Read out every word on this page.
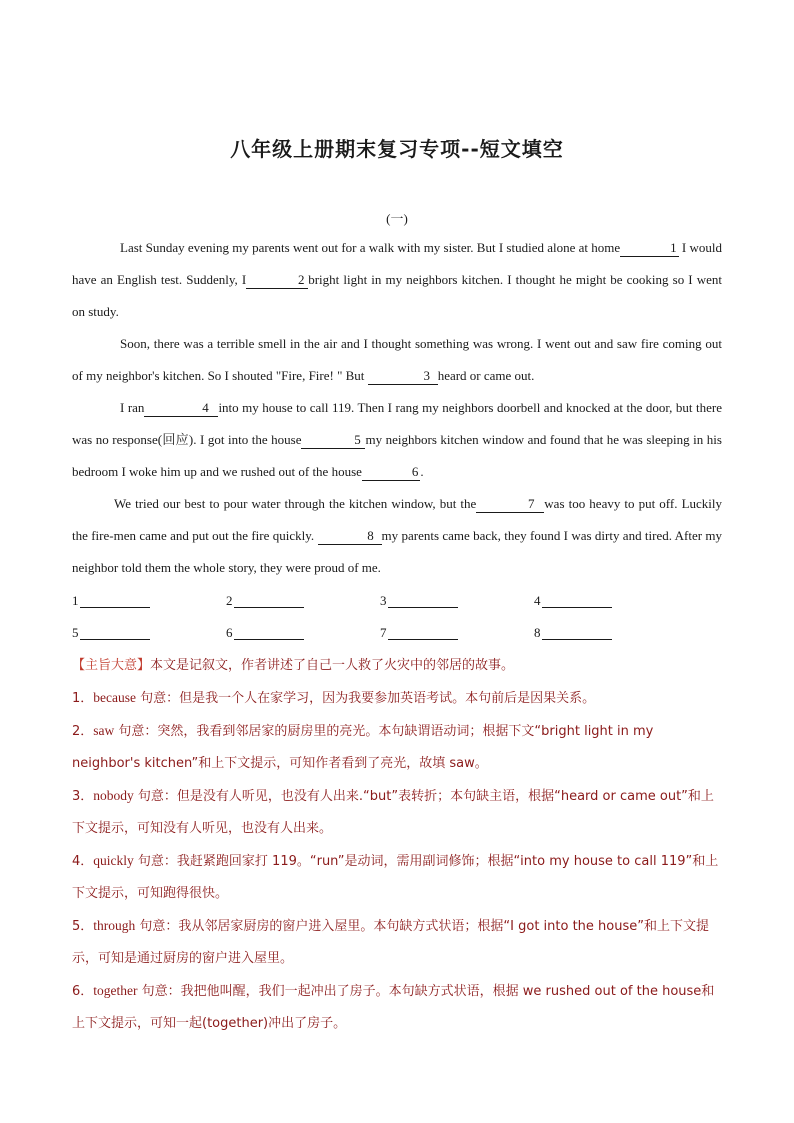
八年级上册期末复习专项--短文填空
(一)

Last Sunday evening my parents went out for a walk with my sister. But I studied alone at home	1 I would have an English test. Suddenly, I	2 bright light in my neighbors kitchen. I thought he might be cooking so I went on study.

Soon, there was a terrible smell in the air and I thought something was wrong. I went out and saw fire coming out of my neighbor's kitchen. So I shouted "Fire, Fire! " But	3 heard or came out.

I ran	4 into my house to call 119. Then I rang my neighbors doorbell and knocked at the door, but there was no response(回应). I got into the house	5 my neighbors kitchen window and found that he was sleeping in his bedroom I woke him up and we rushed out of the house	6 .

We tried our best to pour water through the kitchen window, but the	7 was too heavy to put off. Luckily the fire-men came and put out the fire quickly.	8 my parents came back, they found I was dirty and tired. After my neighbor told them the whole story, they were proud of me.

1	2	3	4
5	6	7	8

【主旨大意】本文是记叙文，作者讲述了自己一人救了火灾中的邻居的故事。

1．because 句意：但是我一个人在家学习，因为我要参加英语考试。本句前后是因果关系。

2．saw 句意：突然，我看到邻居家的厨房里的亮光。本句缺谓语动词；根据下文“bright light in my neighbor's kitchen”和上下文提示，可知作者看到了亮光，故填 saw。

3．nobody 句意：但是没有人听见，也没有人出来.“but”表转折；本句缺主语，根据“heard or came out”和上下文提示，可知没有人听见，也没有人出来。

4．quickly 句意：我赶紧跑回家打 119。“run”是动词，需用副词修饰；根据“into my house to call 119”和上下文提示，可知跑得很快。

5．through 句意：我从邻居家厨房的窗户进入屋里。本句缺方式状语；根据“I got into the house”和上下文提示，可知是通过厨房的窗户进入屋里。

6．together 句意：我把他叫醒，我们一起冲出了房子。本句缺方式状语，根据 we rushed out of the house和上下文提示，可知一起(together)冲出了房子。
